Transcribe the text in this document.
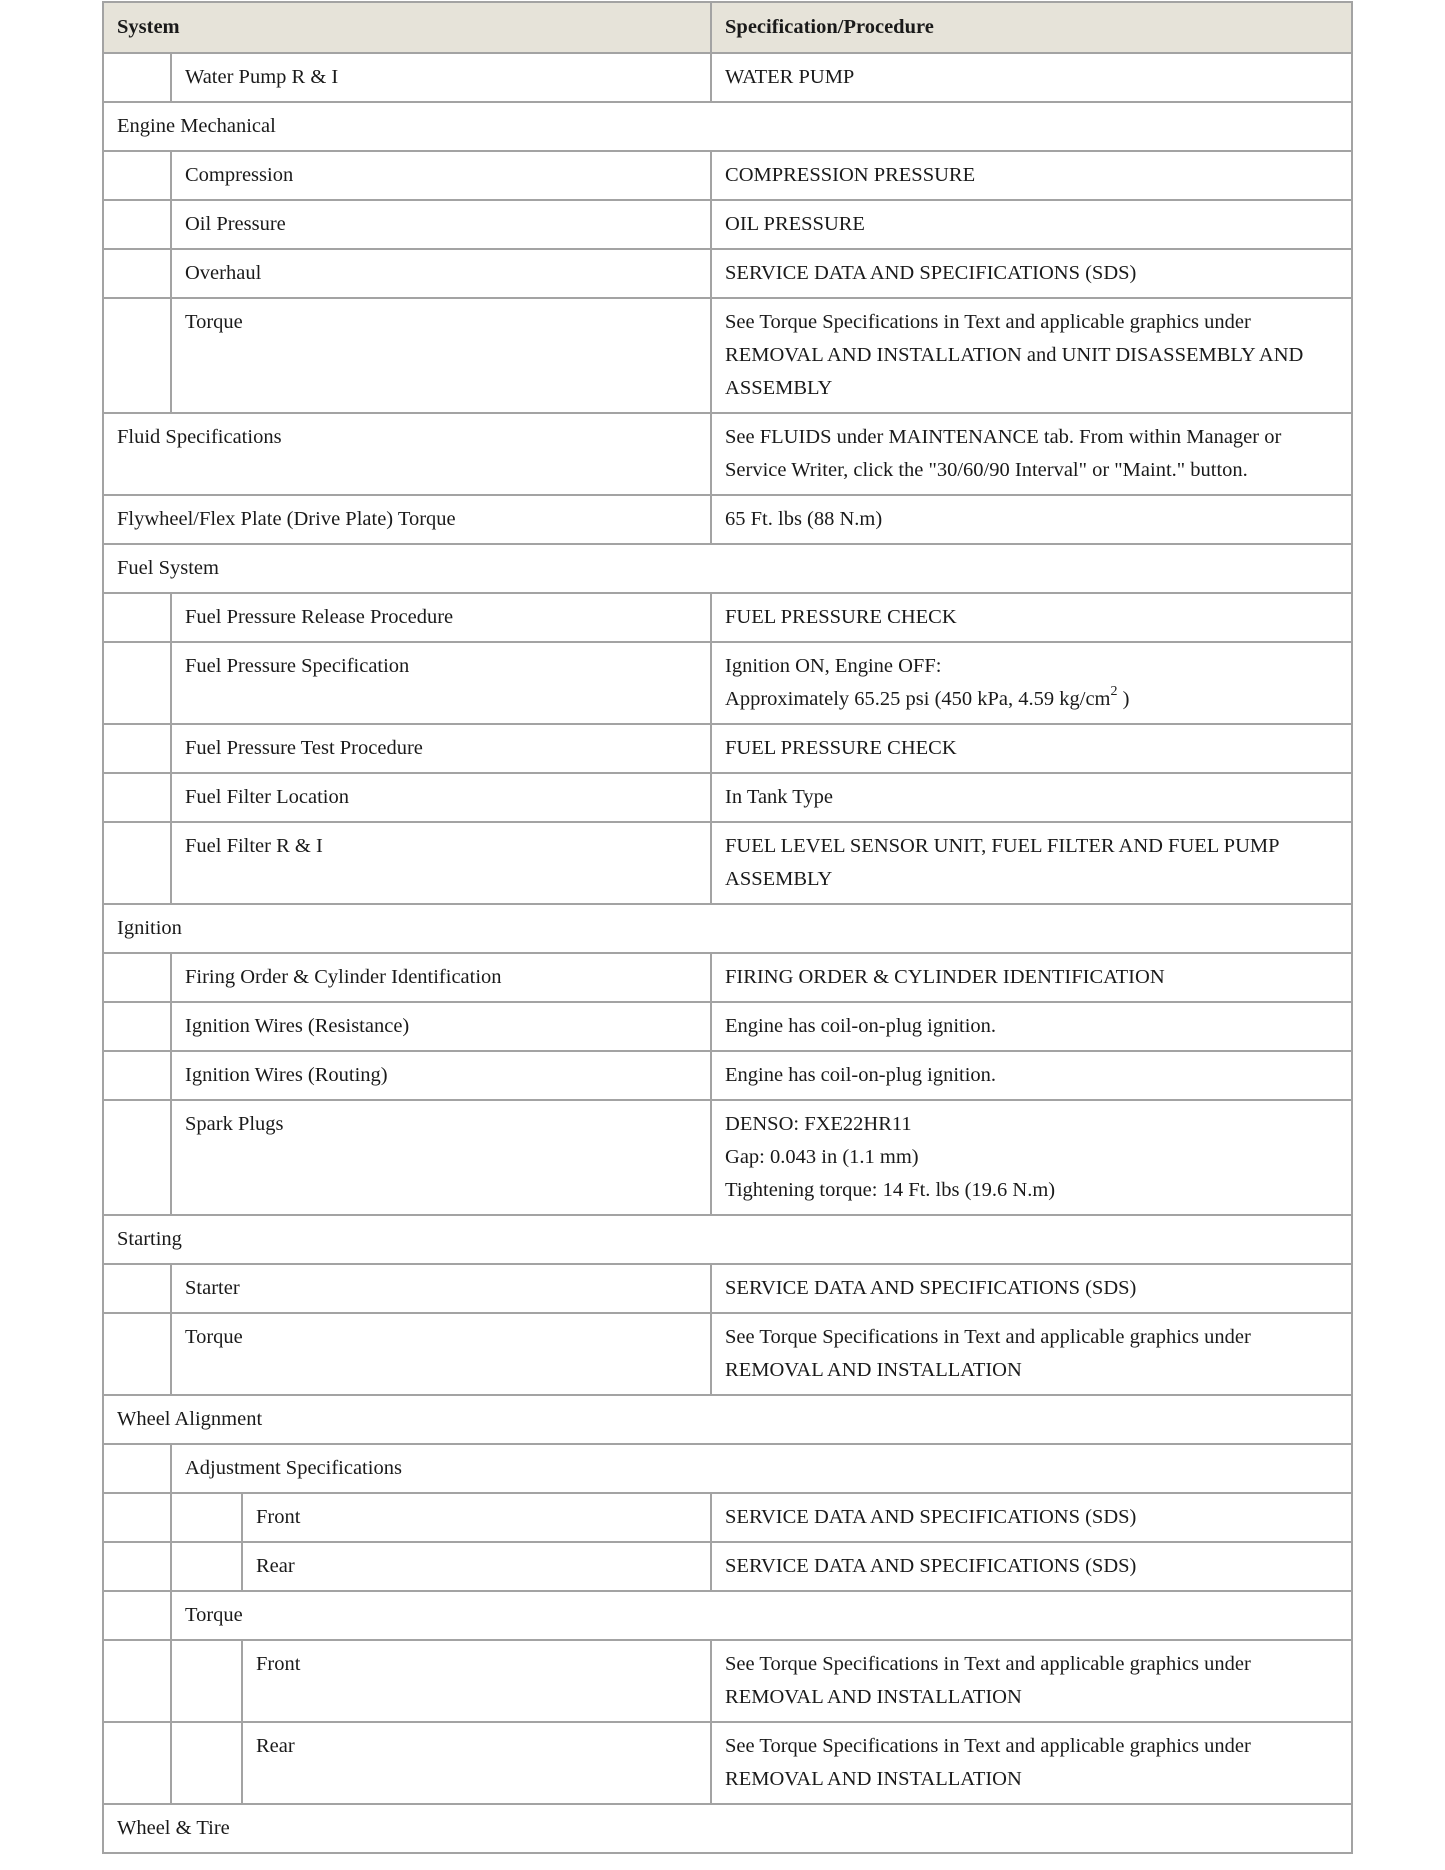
System			Specification/Procedure
	Water Pump R & I		WATER PUMP

Engine Mechanical			
	Compression		COMPRESSION PRESSURE

	Oil Pressure		OIL PRESSURE

	Overhaul		SERVICE DATA AND SPECIFICATIONS (SDS)

	Torque		See Torque Specifications in Text and applicable graphics under REMOVAL AND INSTALLATION and UNIT DISASSEMBLY AND ASSEMBLY

Fluid Specifications			See FLUIDS under MAINTENANCE tab. From within Manager or Service Writer, click the "30/60/90 Interval" or "Maint." button.

Flywheel/Flex Plate (Drive Plate) Torque			65 Ft. lbs (88 N.m)

Fuel System			
	Fuel Pressure Release Procedure		FUEL PRESSURE CHECK

	Fuel Pressure Specification		Ignition ON, Engine OFF:
Approximately 65.25 psi (450 kPa, 4.59 $kg/cm^2$ )

	Fuel Pressure Test Procedure		FUEL PRESSURE CHECK

	Fuel Filter Location		In Tank Type

	Fuel Filter R & I		FUEL LEVEL SENSOR UNIT, FUEL FILTER AND FUEL PUMP ASSEMBLY

Ignition			
	Firing Order & Cylinder Identification		FIRING ORDER & CYLINDER IDENTIFICATION

	Ignition Wires (Resistance)		Engine has coil-on-plug ignition.

	Ignition Wires (Routing)		Engine has coil-on-plug ignition.

	Spark Plugs		DENSO: FXE22HR11
Gap: 0.043 in (1.1 mm)
Tightening torque: 14 Ft. lbs (19.6 N.m)

Starting			
	Starter		SERVICE DATA AND SPECIFICATIONS (SDS)

	Torque		See Torque Specifications in Text and applicable graphics under REMOVAL AND INSTALLATION

Wheel Alignment			
	Adjustment Specifications		
		Front	SERVICE DATA AND SPECIFICATIONS (SDS)

		Rear	SERVICE DATA AND SPECIFICATIONS (SDS)

	Torque		
		Front	See Torque Specifications in Text and applicable graphics under REMOVAL AND INSTALLATION

		Rear	See Torque Specifications in Text and applicable graphics under REMOVAL AND INSTALLATION

Wheel & Tire			
